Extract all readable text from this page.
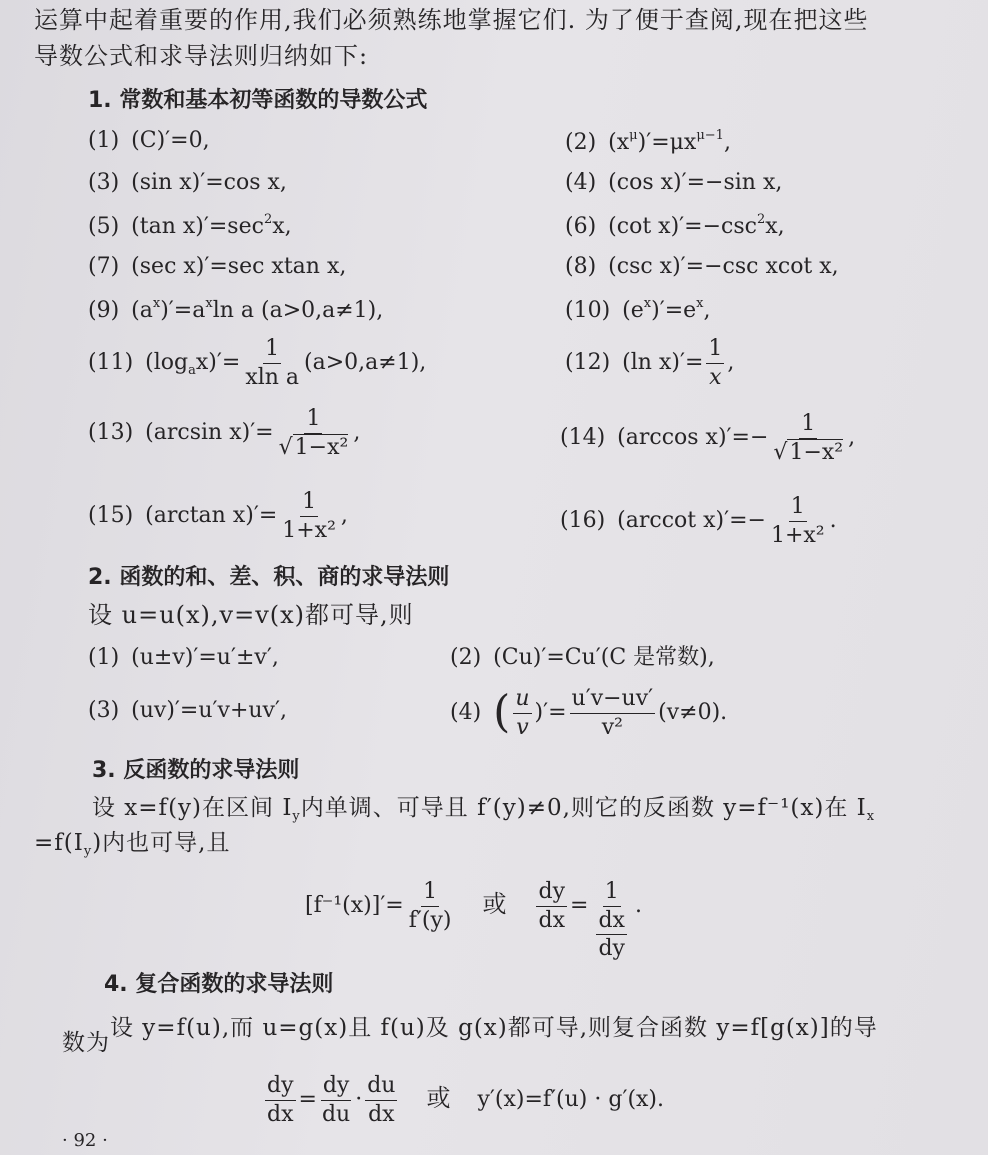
运算中起着重要的作用,我们必须熟练地掌握它们. 为了便于查阅,现在把这些
导数公式和求导法则归纳如下:
1. 常数和基本初等函数的导数公式
(1) (C)′=0,	(2) $(x^\mu)'=\mu x^{\mu-1}$,
(3) (sin x)′=cos x,	(4) (cos x)′=−sin x,
(5) (tan $x)'=\sec^2x$,	(6) (cot $x)'=-\csc^2x$,
(7) (sec x)′=sec xtan x,	(8) (csc x)′=−csc xcot x,
(9) $(a^x)'=a^x\ln$ a (a>0,a≠1),	(10) $(e^x)'=e^x$,
(11) $(\log_ax)'= \frac{1}{\text{xln a}} (a>0,a\ne 1)$,	(12) (ln $x)'= \frac{1}{x}$ ,
(13) (arcsin $x)'= \frac{1}{\text{√1−x²}}$ ,	(14) (arccos $x)'=- \frac{1}{\text{√1−x²}}$ ,
(15) (arctan $x)'= \frac{1}{\text{1+x²}}$ ,	(16) (arccot $x)'=- \frac{1}{\text{1+x²}}$ .
2. 函数的和、差、积、商的求导法则
设 u=u(x),v=v(x)都可导,则
(1) (u±v)′=u′±v′,	(2) (Cu)′=Cu′(C 是常数),
(3) (uv)′=u′v+uv′,	(4) ( $\frac{u}{v}$ )′= $\frac{u'v-uv'}{\text{v²}} (v\ne 0)$.
3. 反函数的求导法则
设 x=f(y)在区间 $I_y$内单调、可导且 f′(y)≠0,则它的反函数 y=f⁻¹(x)在 $I_x$
$=f(I_y)$内也可导,且
$[f^{-1}(x)]'= \frac{1}{f'(y)}$ 或 $\frac{dy}{dx} = \frac{1}{\frac{dx}{dy}}$ .
4. 复合函数的求导法则
设 y=f(u),而 u=g(x)且 f(u)及 g(x)都可导,则复合函数 y=f[g(x)]的导
数为
$\frac{dy}{dx} = \frac{dy}{du} \cdot \frac{du}{dx}$ 或 y′(x)=f′(u) · g′(x).
· 92 ·
